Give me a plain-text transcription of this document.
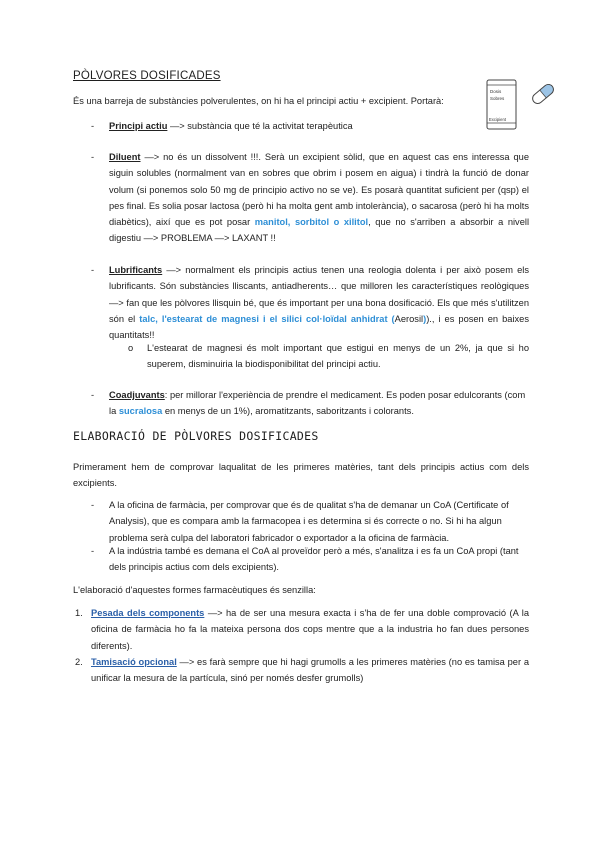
Dosis
Sobres
Excipient
PÒLVORES DOSIFICADES

És una barreja de substàncies polverulentes, on hi ha el principi actiu + excipient. Portarà:

- Principi actiu —> substància que té la activitat terapèutica

- Diluent —> no és un dissolvent !!!. Serà un excipient sòlid, que en aquest cas ens interessa que siguin solubles (normalment van en sobres que obrim i posem en aigua) i tindrà la funció de donar volum (si ponemos solo 50 mg de principio activo no se ve). Es posarà quantitat suficient per (qsp) el pes final. Es solia posar lactosa (però hi ha molta gent amb intolerància), o sacarosa (però hi ha molts diabètics), així que es pot posar manitol, sorbitol o xilitol, que no s'arriben a absorbir a nivell digestiu —> PROBLEMA —> LAXANT !!

- Lubrificants —> normalment els principis actius tenen una reologia dolenta i per això posem els lubrificants. Són substàncies lliscants, antiadherents… que milloren les característiques reològiques —> fan que les pòlvores llisquin bé, que és important per una bona dosificació. Els que més s'utilitzen són el talc, l'estearat de magnesi i el silici col·loïdal anhidrat (Aerosil))., i es posen en baixes quantitats!!

o L'estearat de magnesi és molt important que estigui en menys de un 2%, ja que si ho superem, disminuiria la biodisponibilitat del principi actiu.

- Coadjuvants: per millorar l'experiència de prendre el medicament. Es poden posar edulcorants (com la sucralosa en menys de un 1%), aromatitzants, saboritzants i colorants.

ELABORACIÓ DE PÒLVORES DOSIFICADES

Primerament hem de comprovar laqualitat de les primeres matèries, tant dels principis actius com dels excipients.

- A la oficina de farmàcia, per comprovar que és de qualitat s'ha de demanar un CoA (Certificate of Analysis), que es compara amb la farmacopea i es determina si és correcte o no. Si hi ha algun problema serà culpa del laboratori fabricador o exportador a la oficina de farmàcia.

- A la indústria també es demana el CoA al proveïdor però a més, s'analitza i es fa un CoA propi (tant dels principis actius com dels excipients).

L'elaboració d'aquestes formes farmacèutiques és senzilla:

1. Pesada dels components —> ha de ser una mesura exacta i s'ha de fer una doble comprovació (A la oficina de farmàcia ho fa la mateixa persona dos cops mentre que a la industria ho fan dues persones diferents).

2. Tamisació opcional —> es farà sempre que hi hagi grumolls a les primeres matèries (no es tamisa per a unificar la mesura de la partícula, sinó per només desfer grumolls)
